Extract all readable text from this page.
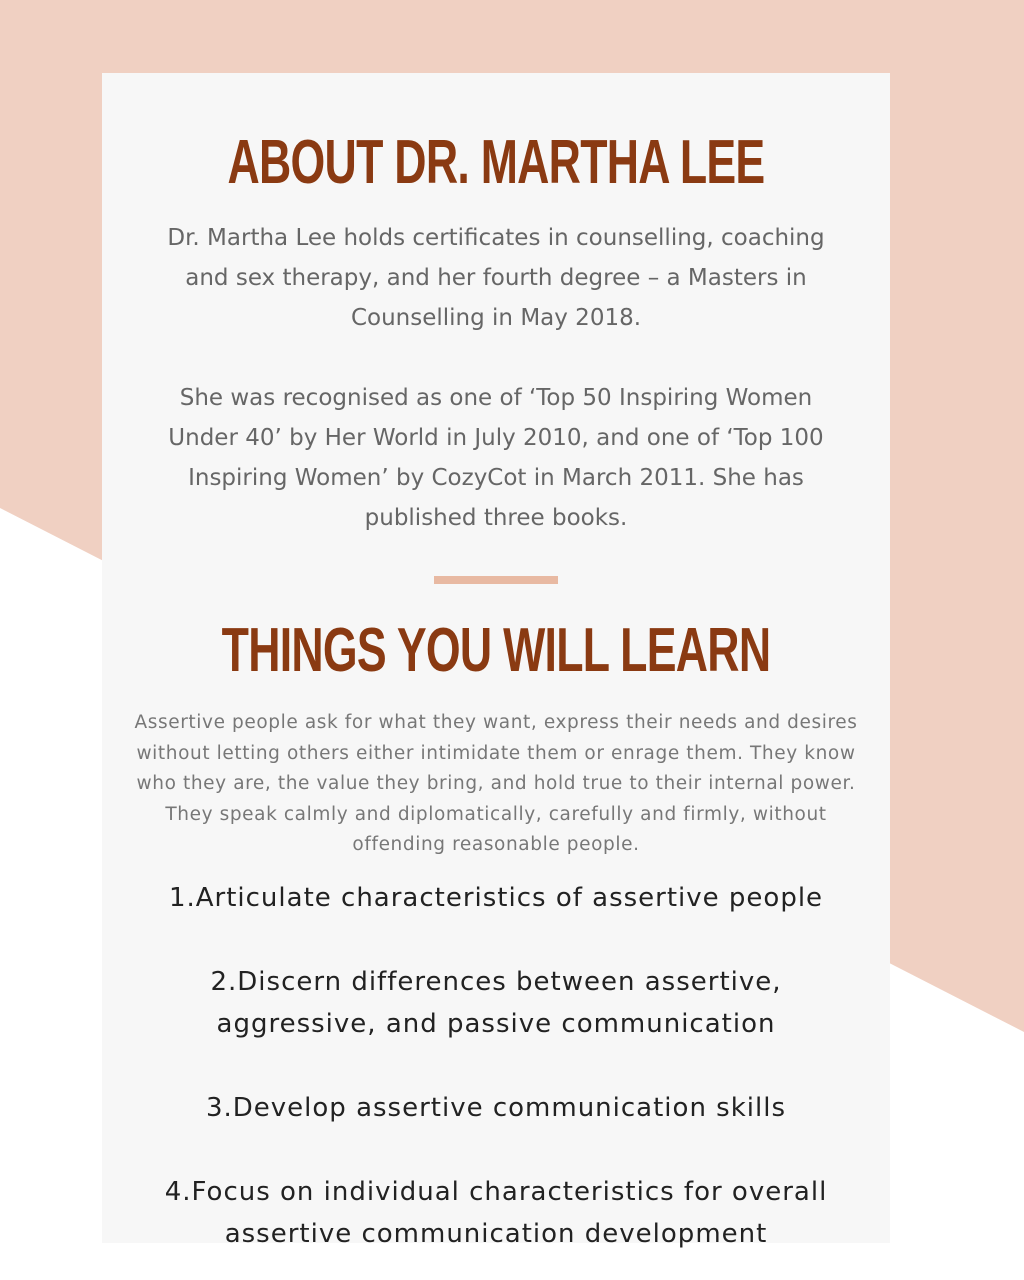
ABOUT DR. MARTHA LEE

Dr. Martha Lee holds certificates in counselling, coaching and sex therapy, and her fourth degree – a Masters in Counselling in May 2018.

She was recognised as one of ‘Top 50 Inspiring Women Under 40’ by Her World in July 2010, and one of ‘Top 100 Inspiring Women’ by CozyCot in March 2011. She has published three books.

THINGS YOU WILL LEARN

Assertive people ask for what they want, express their needs and desires without letting others either intimidate them or enrage them. They know who they are, the value they bring, and hold true to their internal power. They speak calmly and diplomatically, carefully and firmly, without offending reasonable people.

1.Articulate characteristics of assertive people
2.Discern differences between assertive, aggressive, and passive communication
3.Develop assertive communication skills
4.Focus on individual characteristics for overall assertive communication development
